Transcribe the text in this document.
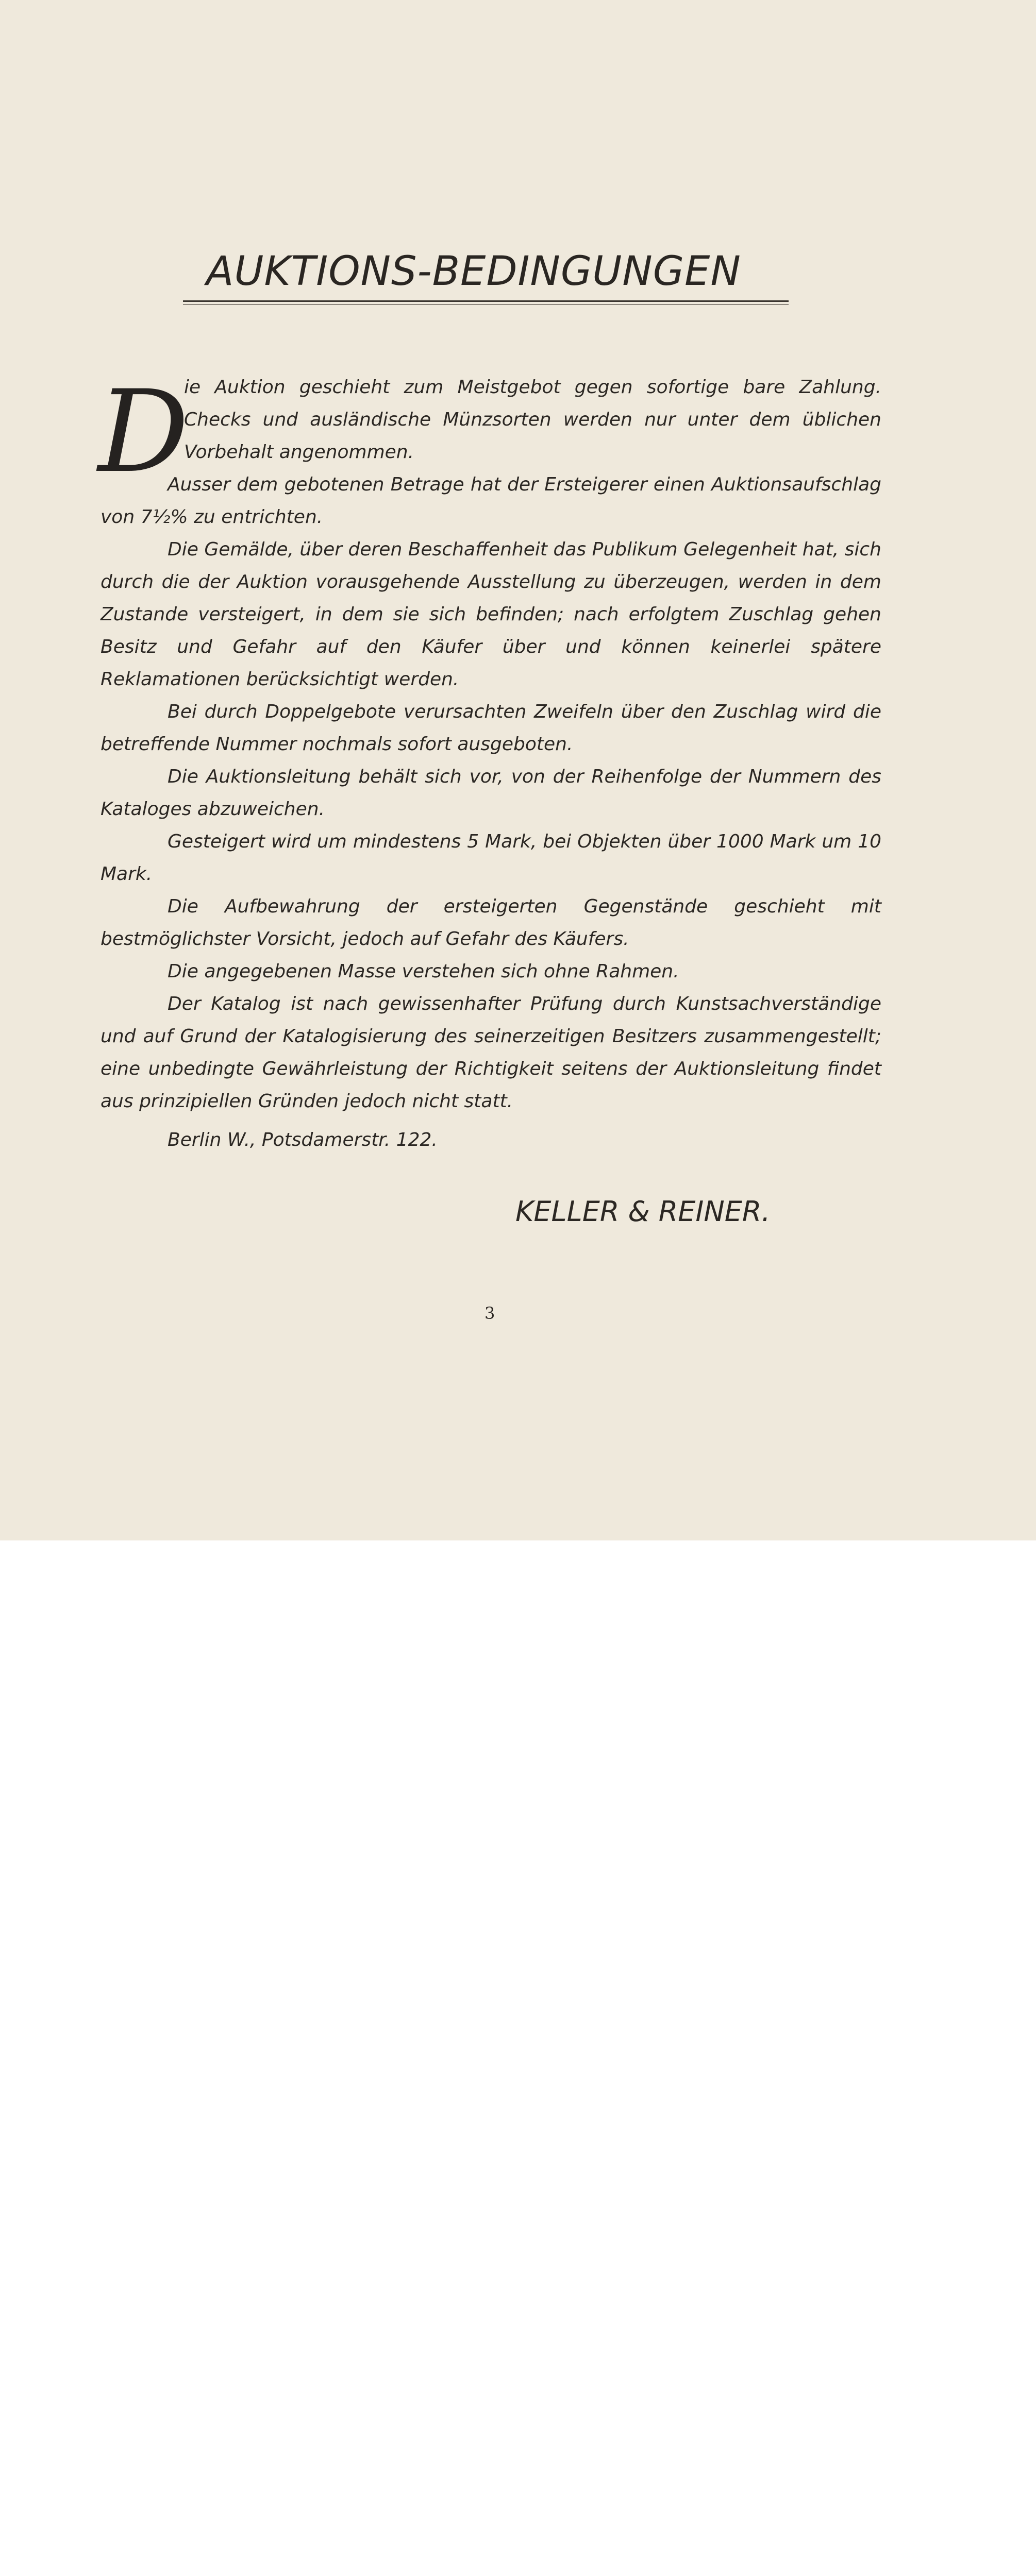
AUKTIONS-BEDINGUNGEN
D

ie Auktion geschieht zum Meistgebot gegen sofortige bare Zahlung. Checks und ausländische Münzsorten werden nur unter dem üblichen Vorbehalt angenommen.

Ausser dem gebotenen Betrage hat der Ersteigerer einen Auktionsaufschlag von 7½% zu entrichten.

Die Gemälde, über deren Beschaffenheit das Publikum Gelegenheit hat, sich durch die der Auktion vorausgehende Ausstellung zu überzeugen, werden in dem Zustande versteigert, in dem sie sich befinden; nach erfolgtem Zuschlag gehen Besitz und Gefahr auf den Käufer über und können keinerlei spätere Reklamationen berücksichtigt werden.

Bei durch Doppelgebote verursachten Zweifeln über den Zuschlag wird die betreffende Nummer nochmals sofort ausgeboten.

Die Auktionsleitung behält sich vor, von der Reihenfolge der Nummern des Kataloges abzuweichen.

Gesteigert wird um mindestens 5 Mark, bei Objekten über 1000 Mark um 10 Mark.

Die Aufbewahrung der ersteigerten Gegenstände geschieht mit bestmöglichster Vorsicht, jedoch auf Gefahr des Käufers.

Die angegebenen Masse verstehen sich ohne Rahmen.

Der Katalog ist nach gewissenhafter Prüfung durch Kunstsachverständige und auf Grund der Katalogisierung des seinerzeitigen Besitzers zusammengestellt; eine unbedingte Gewährleistung der Richtigkeit seitens der Auktionsleitung findet aus prinzipiellen Gründen jedoch nicht statt.

Berlin W., Potsdamerstr. 122.

KELLER & REINER.
3
